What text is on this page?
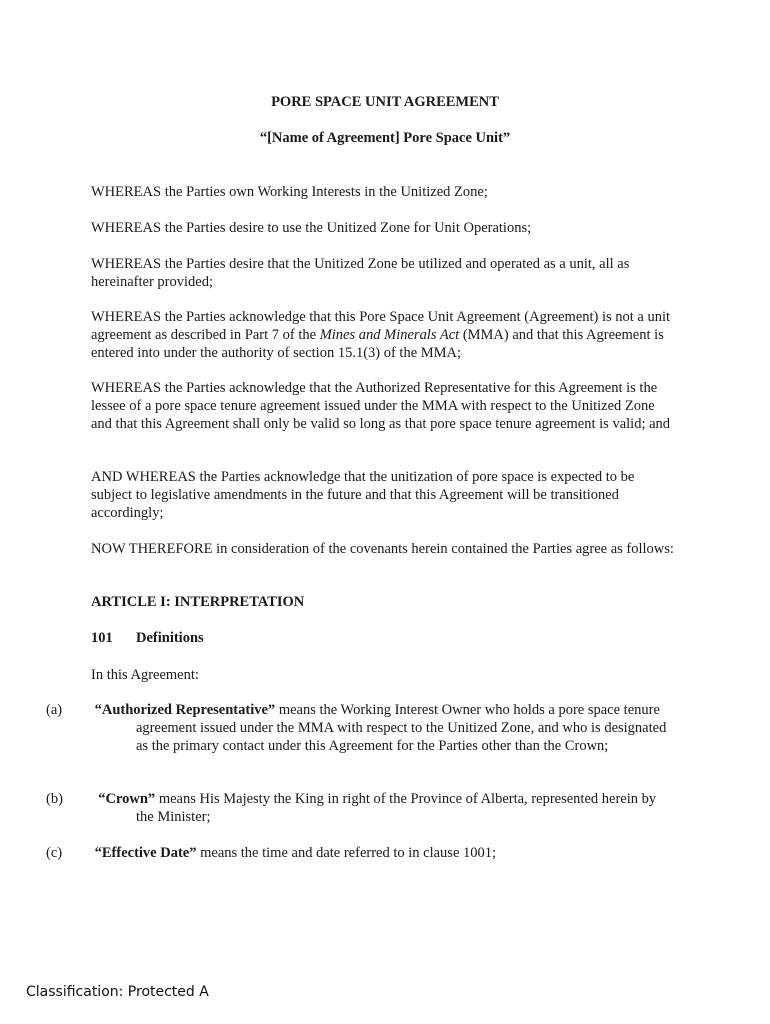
PORE SPACE UNIT AGREEMENT
“[Name of Agreement] Pore Space Unit”
WHEREAS the Parties own Working Interests in the Unitized Zone;
WHEREAS the Parties desire to use the Unitized Zone for Unit Operations;
WHEREAS the Parties desire that the Unitized Zone be utilized and operated as a unit, all as hereinafter provided;
WHEREAS the Parties acknowledge that this Pore Space Unit Agreement (Agreement) is not a unit agreement as described in Part 7 of the Mines and Minerals Act (MMA) and that this Agreement is entered into under the authority of section 15.1(3) of the MMA;
WHEREAS the Parties acknowledge that the Authorized Representative for this Agreement is the lessee of a pore space tenure agreement issued under the MMA with respect to the Unitized Zone and that this Agreement shall only be valid so long as that pore space tenure agreement is valid; and
AND WHEREAS the Parties acknowledge that the unitization of pore space is expected to be subject to legislative amendments in the future and that this Agreement will be transitioned accordingly;
NOW THEREFORE in consideration of the covenants herein contained the Parties agree as follows:
ARTICLE I: INTERPRETATION
101 Definitions
In this Agreement:
(a) “Authorized Representative” means the Working Interest Owner who holds a pore space tenure agreement issued under the MMA with respect to the Unitized Zone, and who is designated as the primary contact under this Agreement for the Parties other than the Crown;
(b) “Crown” means His Majesty the King in right of the Province of Alberta, represented herein by the Minister;
(c) “Effective Date” means the time and date referred to in clause 1001;
Classification: Protected A
